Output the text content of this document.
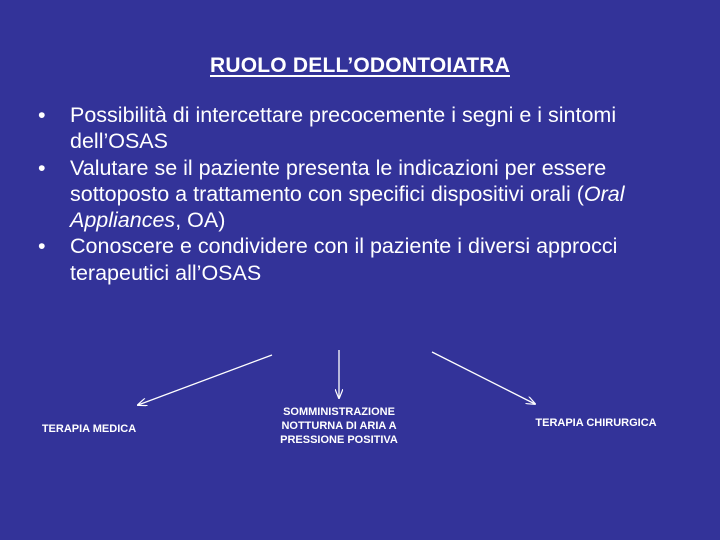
RUOLO DELL’ODONTOIATRA
• Possibilità di intercettare precocemente i segni e i sintomi dell’OSAS
• Valutare se il paziente presenta le indicazioni per essere sottoposto a trattamento con specifici dispositivi orali (Oral Appliances, OA)
• Conoscere e condividere con il paziente i diversi approcci terapeutici all’OSAS
TERAPIA MEDICA
SOMMINISTRAZIONE NOTTURNA DI ARIA A PRESSIONE POSITIVA
TERAPIA CHIRURGICA
